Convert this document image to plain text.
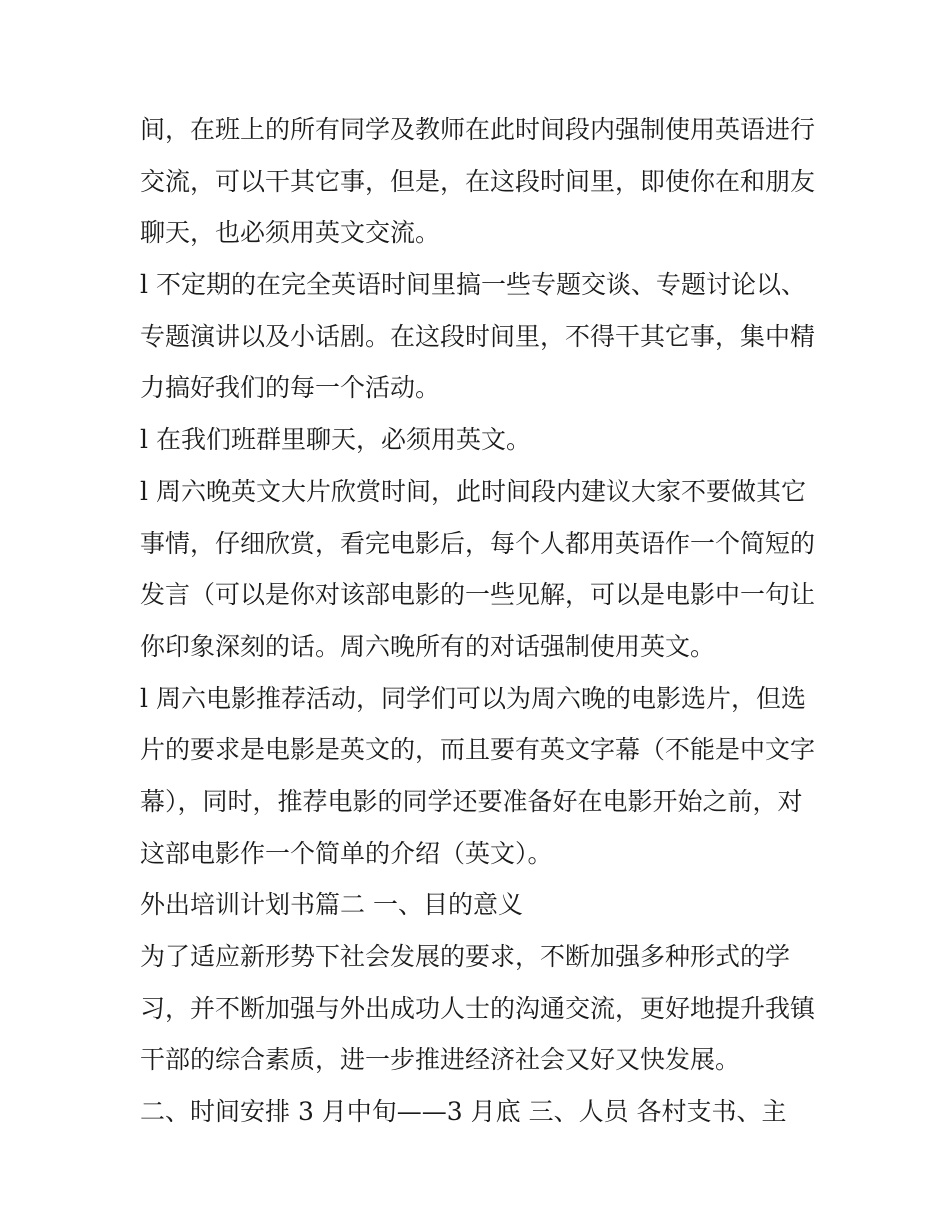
间，在班上的所有同学及教师在此时间段内强制使用英语进行
交流，可以干其它事，但是，在这段时间里，即使你在和朋友
聊天，也必须用英文交流。
l 不定期的在完全英语时间里搞一些专题交谈、专题讨论以、
专题演讲以及小话剧。在这段时间里，不得干其它事，集中精
力搞好我们的每一个活动。
l 在我们班群里聊天，必须用英文。
l 周六晚英文大片欣赏时间，此时间段内建议大家不要做其它
事情，仔细欣赏，看完电影后，每个人都用英语作一个简短的
发言（可以是你对该部电影的一些见解，可以是电影中一句让
你印象深刻的话。周六晚所有的对话强制使用英文。
l 周六电影推荐活动，同学们可以为周六晚的电影选片，但选
片的要求是电影是英文的，而且要有英文字幕（不能是中文字
幕），同时，推荐电影的同学还要准备好在电影开始之前，对
这部电影作一个简单的介绍（英文）。
外出培训计划书篇二 一、目的意义
为了适应新形势下社会发展的要求，不断加强多种形式的学
习，并不断加强与外出成功人士的沟通交流，更好地提升我镇
干部的综合素质，进一步推进经济社会又好又快发展。
二、时间安排 3 月中旬——3 月底 三、人员 各村支书、主
